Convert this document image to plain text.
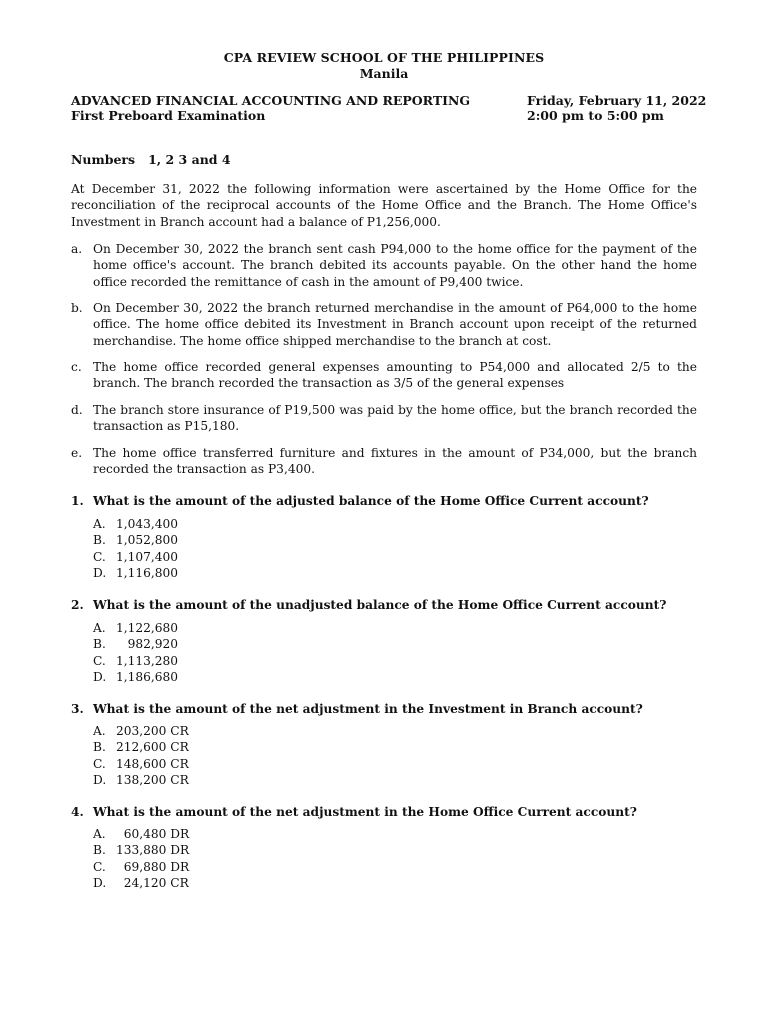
CPA REVIEW SCHOOL OF THE PHILIPPINES
Manila
ADVANCED FINANCIAL ACCOUNTING AND REPORTING
First Preboard Examination
Friday, February 11, 2022
2:00 pm to 5:00 pm
Numbers   1, 2 3 and 4
At December 31, 2022 the following information were ascertained by the Home Office for the reconciliation of the reciprocal accounts of the Home Office and the Branch. The Home Office's Investment in Branch account had a balance of P1,256,000.
a. On December 30, 2022 the branch sent cash P94,000 to the home office for the payment of the home office's account. The branch debited its accounts payable. On the other hand the home office recorded the remittance of cash in the amount of P9,400 twice.
b. On December 30, 2022 the branch returned merchandise in the amount of P64,000 to the home office. The home office debited its Investment in Branch account upon receipt of the returned merchandise. The home office shipped merchandise to the branch at cost.
c. The home office recorded general expenses amounting to P54,000 and allocated 2/5 to the branch. The branch recorded the transaction as 3/5 of the general expenses
d. The branch store insurance of P19,500 was paid by the home office, but the branch recorded the transaction as P15,180.
e. The home office transferred furniture and fixtures in the amount of P34,000, but the branch recorded the transaction as P3,400.
1. What is the amount of the adjusted balance of the Home Office Current account?
A. 1,043,400
B. 1,052,800
C. 1,107,400
D. 1,116,800
2. What is the amount of the unadjusted balance of the Home Office Current account?
A. 1,122,680
B. 982,920
C. 1,113,280
D. 1,186,680
3. What is the amount of the net adjustment in the Investment in Branch account?
A. 203,200 CR
B. 212,600 CR
C. 148,600 CR
D. 138,200 CR
4. What is the amount of the net adjustment in the Home Office Current account?
A. 60,480 DR
B. 133,880 DR
C. 69,880 DR
D. 24,120 CR
